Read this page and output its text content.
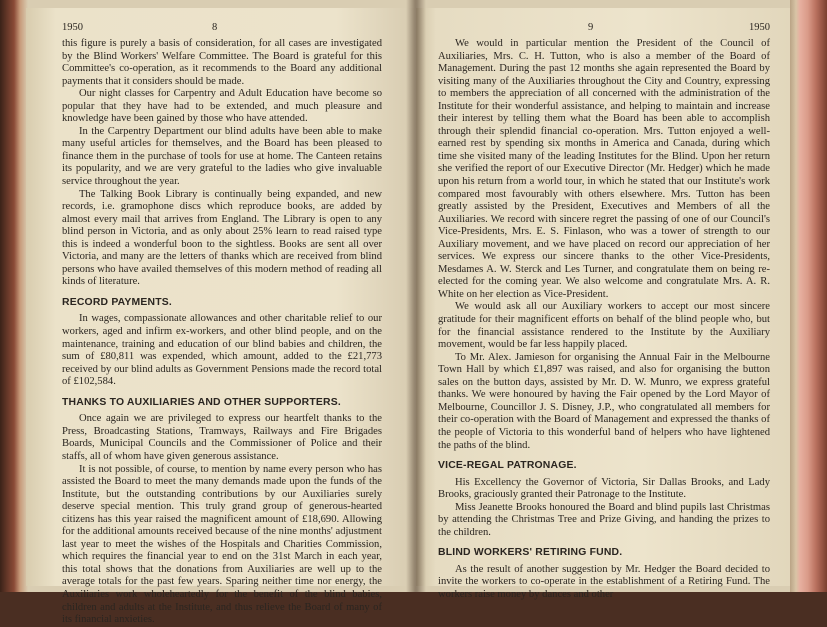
1950	8

this figure is purely a basis of consideration, for all cases are investigated by the Blind Workers' Welfare Committee. The Board is grateful for this Committee's co-operation, as it recommends to the Board any additional payments that it considers should be made.

Our night classes for Carpentry and Adult Education have become so popular that they have had to be extended, and much pleasure and knowledge have been gained by those who have attended.

In the Carpentry Department our blind adults have been able to make many useful articles for themselves, and the Board has been pleased to finance them in the purchase of tools for use at home. The Canteen retains its popularity, and we are very grateful to the ladies who give invaluable service throughout the year.

The Talking Book Library is continually being expanded, and new records, i.e. gramophone discs which reproduce books, are added by almost every mail that arrives from England. The Library is open to any blind person in Victoria, and as only about 25% learn to read raised type this is indeed a wonderful boon to the sightless. Books are sent all over Victoria, and many are the letters of thanks which are received from blind persons who have availed themselves of this modern method of reading all kinds of literature.

RECORD PAYMENTS.

In wages, compassionate allowances and other charitable relief to our workers, aged and infirm ex-workers, and other blind people, and on the maintenance, training and education of our blind babies and children, the sum of £80,811 was expended, which amount, added to the £21,773 received by our blind adults as Government Pensions made the record total of £102,584.

THANKS TO AUXILIARIES AND OTHER SUPPORTERS.

Once again we are privileged to express our heartfelt thanks to the Press, Broadcasting Stations, Tramways, Railways and Fire Brigades Boards, Municipal Councils and the Commissioner of Police and their staffs, all of whom have given generous assistance.

It is not possible, of course, to mention by name every person who has assisted the Board to meet the many demands made upon the funds of the Institute, but the outstanding contributions by our Auxiliaries surely deserve special mention. This truly grand group of generous-hearted citizens has this year raised the magnificent amount of £18,690. Allowing for the additional amounts received because of the nine months' adjustment last year to meet the wishes of the Hospitals and Charities Commission, which requires the financial year to end on the 31st March in each year, this total shows that the donations from Auxiliaries are well up to the average totals for the past few years. Sparing neither time nor energy, the Auxiliaries work wholeheartedly for the benefit of the blind babies, children and adults at the Institute, and thus relieve the Board of many of its financial anxieties.

9	1950

We would in particular mention the President of the Council of Auxiliaries, Mrs. C. H. Tutton, who is also a member of the Board of Management. During the past 12 months she again represented the Board by visiting many of the Auxiliaries throughout the City and Country, expressing to members the appreciation of all concerned with the administration of the Institute for their wonderful assistance, and helping to maintain and increase their interest by telling them what the Board has been able to accomplish through their splendid financial co-operation. Mrs. Tutton enjoyed a well-earned rest by spending six months in America and Canada, during which time she visited many of the leading Institutes for the Blind. Upon her return she verified the report of our Executive Director (Mr. Hedger) which he made upon his return from a world tour, in which he stated that our Institute's work compared most favourably with others elsewhere. Mrs. Tutton has been greatly assisted by the President, Executives and Members of all the Auxiliaries. We record with sincere regret the passing of one of our Council's Vice-Presidents, Mrs. E. S. Finlason, who was a tower of strength to our Auxiliary movement, and we have placed on record our appreciation of her services. We express our sincere thanks to the other Vice-Presidents, Mesdames A. W. Sterck and Les Turner, and congratulate them on being re-elected for the coming year. We also welcome and congratulate Mrs. A. R. White on her election as Vice-President.

We would ask all our Auxiliary workers to accept our most sincere gratitude for their magnificent efforts on behalf of the blind people who, but for the financial assistance rendered to the Institute by the Auxiliary movement, would be far less happily placed.

To Mr. Alex. Jamieson for organising the Annual Fair in the Melbourne Town Hall by which £1,897 was raised, and also for organising the button sales on the button days, assisted by Mr. D. W. Munro, we express grateful thanks. We were honoured by having the Fair opened by the Lord Mayor of Melbourne, Councillor J. S. Disney, J.P., who congratulated all members for their co-operation with the Board of Management and expressed the thanks of the people of Victoria to this wonderful band of helpers who have lightened the paths of the blind.

VICE-REGAL PATRONAGE.

His Excellency the Governor of Victoria, Sir Dallas Brooks, and Lady Brooks, graciously granted their Patronage to the Institute.

Miss Jeanette Brooks honoured the Board and blind pupils last Christmas by attending the Christmas Tree and Prize Giving, and handing the prizes to the children.

BLIND WORKERS' RETIRING FUND.

As the result of another suggestion by Mr. Hedger the Board decided to invite the workers to co-operate in the establishment of a Retiring Fund. The workers raise money by dances and other
